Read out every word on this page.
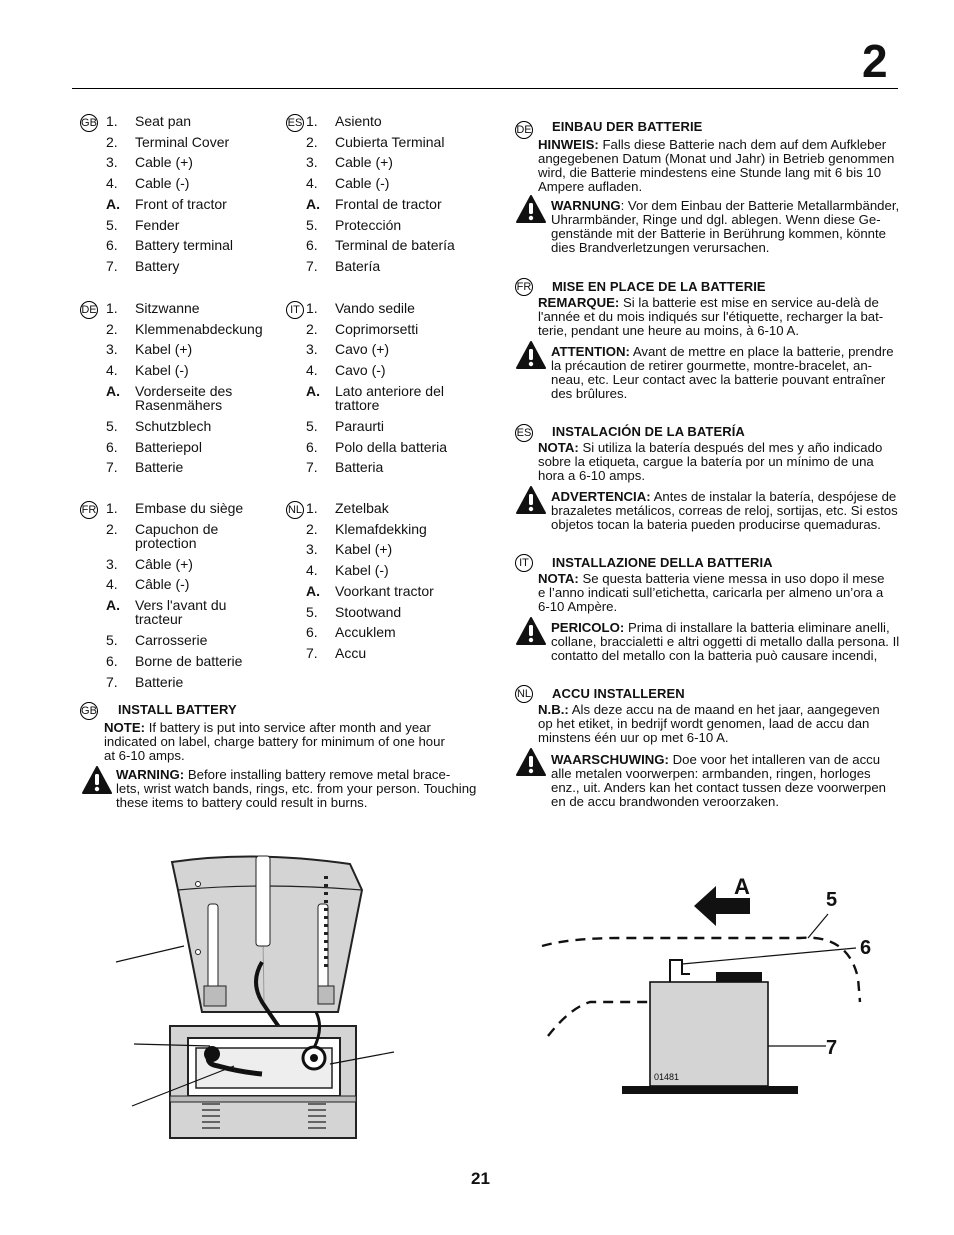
2
GB 1. Seat pan
2. Terminal Cover
3. Cable (+)
4. Cable (-)
A. Front of tractor
5. Fender
6. Battery terminal
7. Battery
ES 1. Asiento
2. Cubierta Terminal
3. Cable (+)
4. Cable (-)
A. Frontal de tractor
5. Protección
6. Terminal de batería
7. Batería
DE 1. Sitzwanne
2. Klemmenabdeckung
3. Kabel (+)
4. Kabel (-)
A. Vorderseite des Rasenmähers
5. Schutzblech
6. Batteriepol
7. Batterie
IT 1. Vando sedile
2. Coprimorsetti
3. Cavo (+)
4. Cavo (-)
A. Lato anteriore del trattore
5. Paraurti
6. Polo della batteria
7. Batteria
FR 1. Embase du siège
2. Capuchon de protection
3. Câble (+)
4. Câble (-)
A. Vers l'avant du tracteur
5. Carrosserie
6. Borne de batterie
7. Batterie
NL 1. Zetelbak
2. Klemafdekking
3. Kabel (+)
4. Kabel (-)
A. Voorkant tractor
5. Stootwand
6. Accuklem
7. Accu
GB INSTALL BATTERY
NOTE: If battery is put into service after month and year
indicated on label, charge battery for minimum of one hour
at 6-10 amps.
WARNING: Before installing battery remove metal brace-
lets, wrist watch bands, rings, etc. from your person. Touching
these items to battery could result in burns.
DE EINBAU DER BATTERIE
HINWEIS: Falls diese Batterie nach dem auf dem Aufkleber
angegebenen Datum (Monat und Jahr) in Betrieb genommen
wird, die Batterie mindestens eine Stunde lang mit 6 bis 10
Ampere aufladen.
WARNUNG: Vor dem Einbau der Batterie Metallarmbänder,
Uhrarmbänder, Ringe und dgl. ablegen. Wenn diese Ge-
genstände mit der Batterie in Berührung kommen, könnte
dies Brandverletzungen verursachen.
FR MISE EN PLACE DE LA BATTERIE
REMARQUE: Si la batterie est mise en service au-delà de
l'année et du mois indiqués sur l'étiquette, recharger la bat-
terie, pendant une heure au moins, à 6-10 A.
ATTENTION: Avant de mettre en place la batterie, prendre
la précaution de retirer gourmette, montre-bracelet, an-
neau, etc. Leur contact avec la batterie pouvant entraîner
des brûlures.
ES INSTALACIÓN DE LA BATERÍA
NOTA: Si utiliza la batería después del mes y año indicado
sobre la etiqueta, cargue la batería por un mínimo de una
hora a 6-10 amps.
ADVERTENCIA: Antes de instalar la batería, despójese de
brazaletes metálicos, correas de reloj, sortijas, etc. Si estos
objetos tocan la bateria pueden producirse quemaduras.
IT	INSTALLAZIONE DELLA BATTERIA
NOTA: Se questa batteria viene messa in uso dopo il mese
e l’anno indicati sull’etichetta, caricarla per almeno un’ora a
6-10 Ampère.
PERICOLO: Prima di installare la batteria eliminare anelli,
collane, braccialetti e altri oggetti di metallo dalla persona. Il
contatto del metallo con la batteria può causare incendi,
NL ACCU INSTALLEREN
N.B.: Als deze accu na de maand en het jaar, aangegeven
op het etiket, in bedrijf wordt genomen, laad de accu dan
minstens één uur op met 6-10 A.
WAARSCHUWING: Doe voor het intalleren van de accu
alle metalen voorwerpen: armbanden, ringen, horloges
enz., uit. Anders kan het contact tussen deze voorwerpen
en de accu brandwonden veroorzaken.
A
01481
5
6
7
21
